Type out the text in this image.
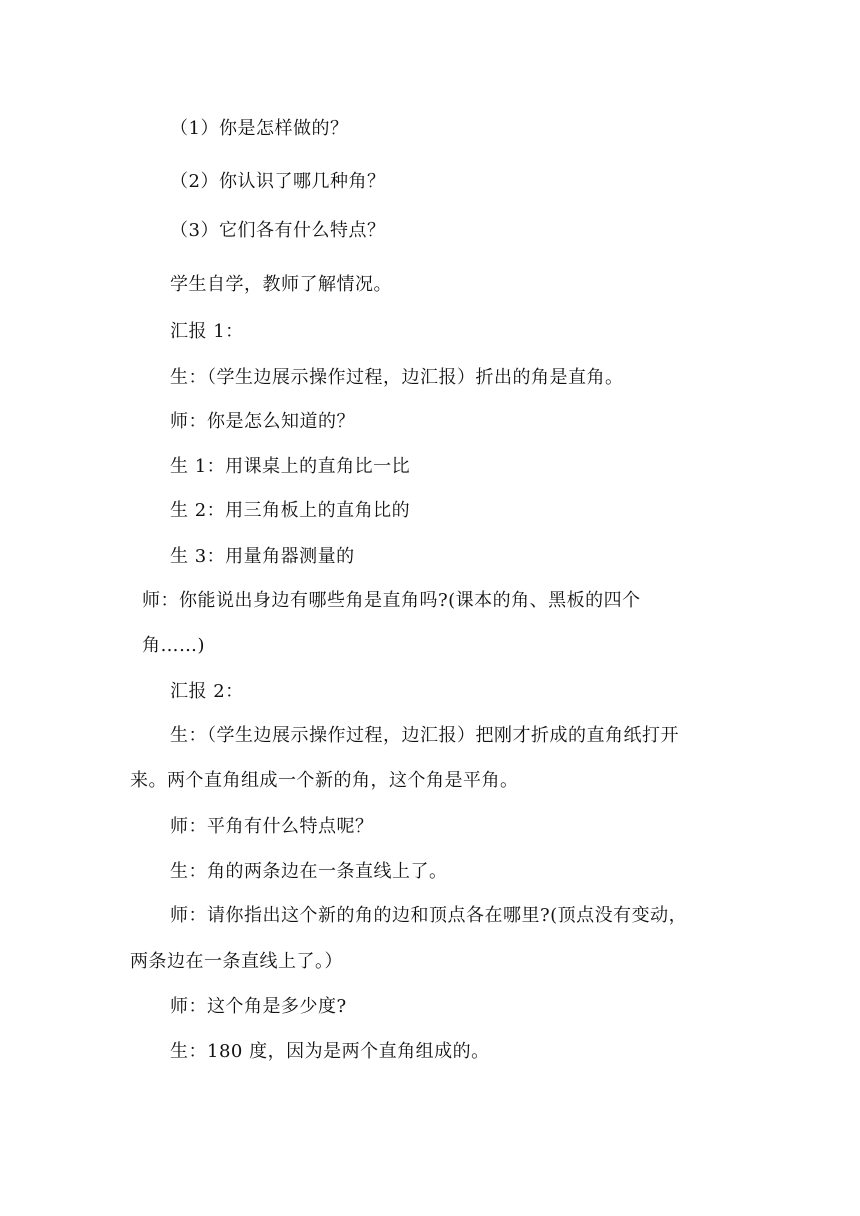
（1）你是怎样做的？
（2）你认识了哪几种角？
（3）它们各有什么特点？
学生自学，教师了解情况。
汇报 1：
生：（学生边展示操作过程，边汇报）折出的角是直角。
师：你是怎么知道的？
生 1：用课桌上的直角比一比
生 2：用三角板上的直角比的
生 3：用量角器测量的
师：你能说出身边有哪些角是直角吗?(课本的角、黑板的四个
角……)
汇报 2：
生：（学生边展示操作过程，边汇报）把刚才折成的直角纸打开
来。两个直角组成一个新的角，这个角是平角。
师：平角有什么特点呢？
生：角的两条边在一条直线上了。
师：请你指出这个新的角的边和顶点各在哪里?(顶点没有变动，
两条边在一条直线上了。）
师：这个角是多少度?
生：180 度，因为是两个直角组成的。
